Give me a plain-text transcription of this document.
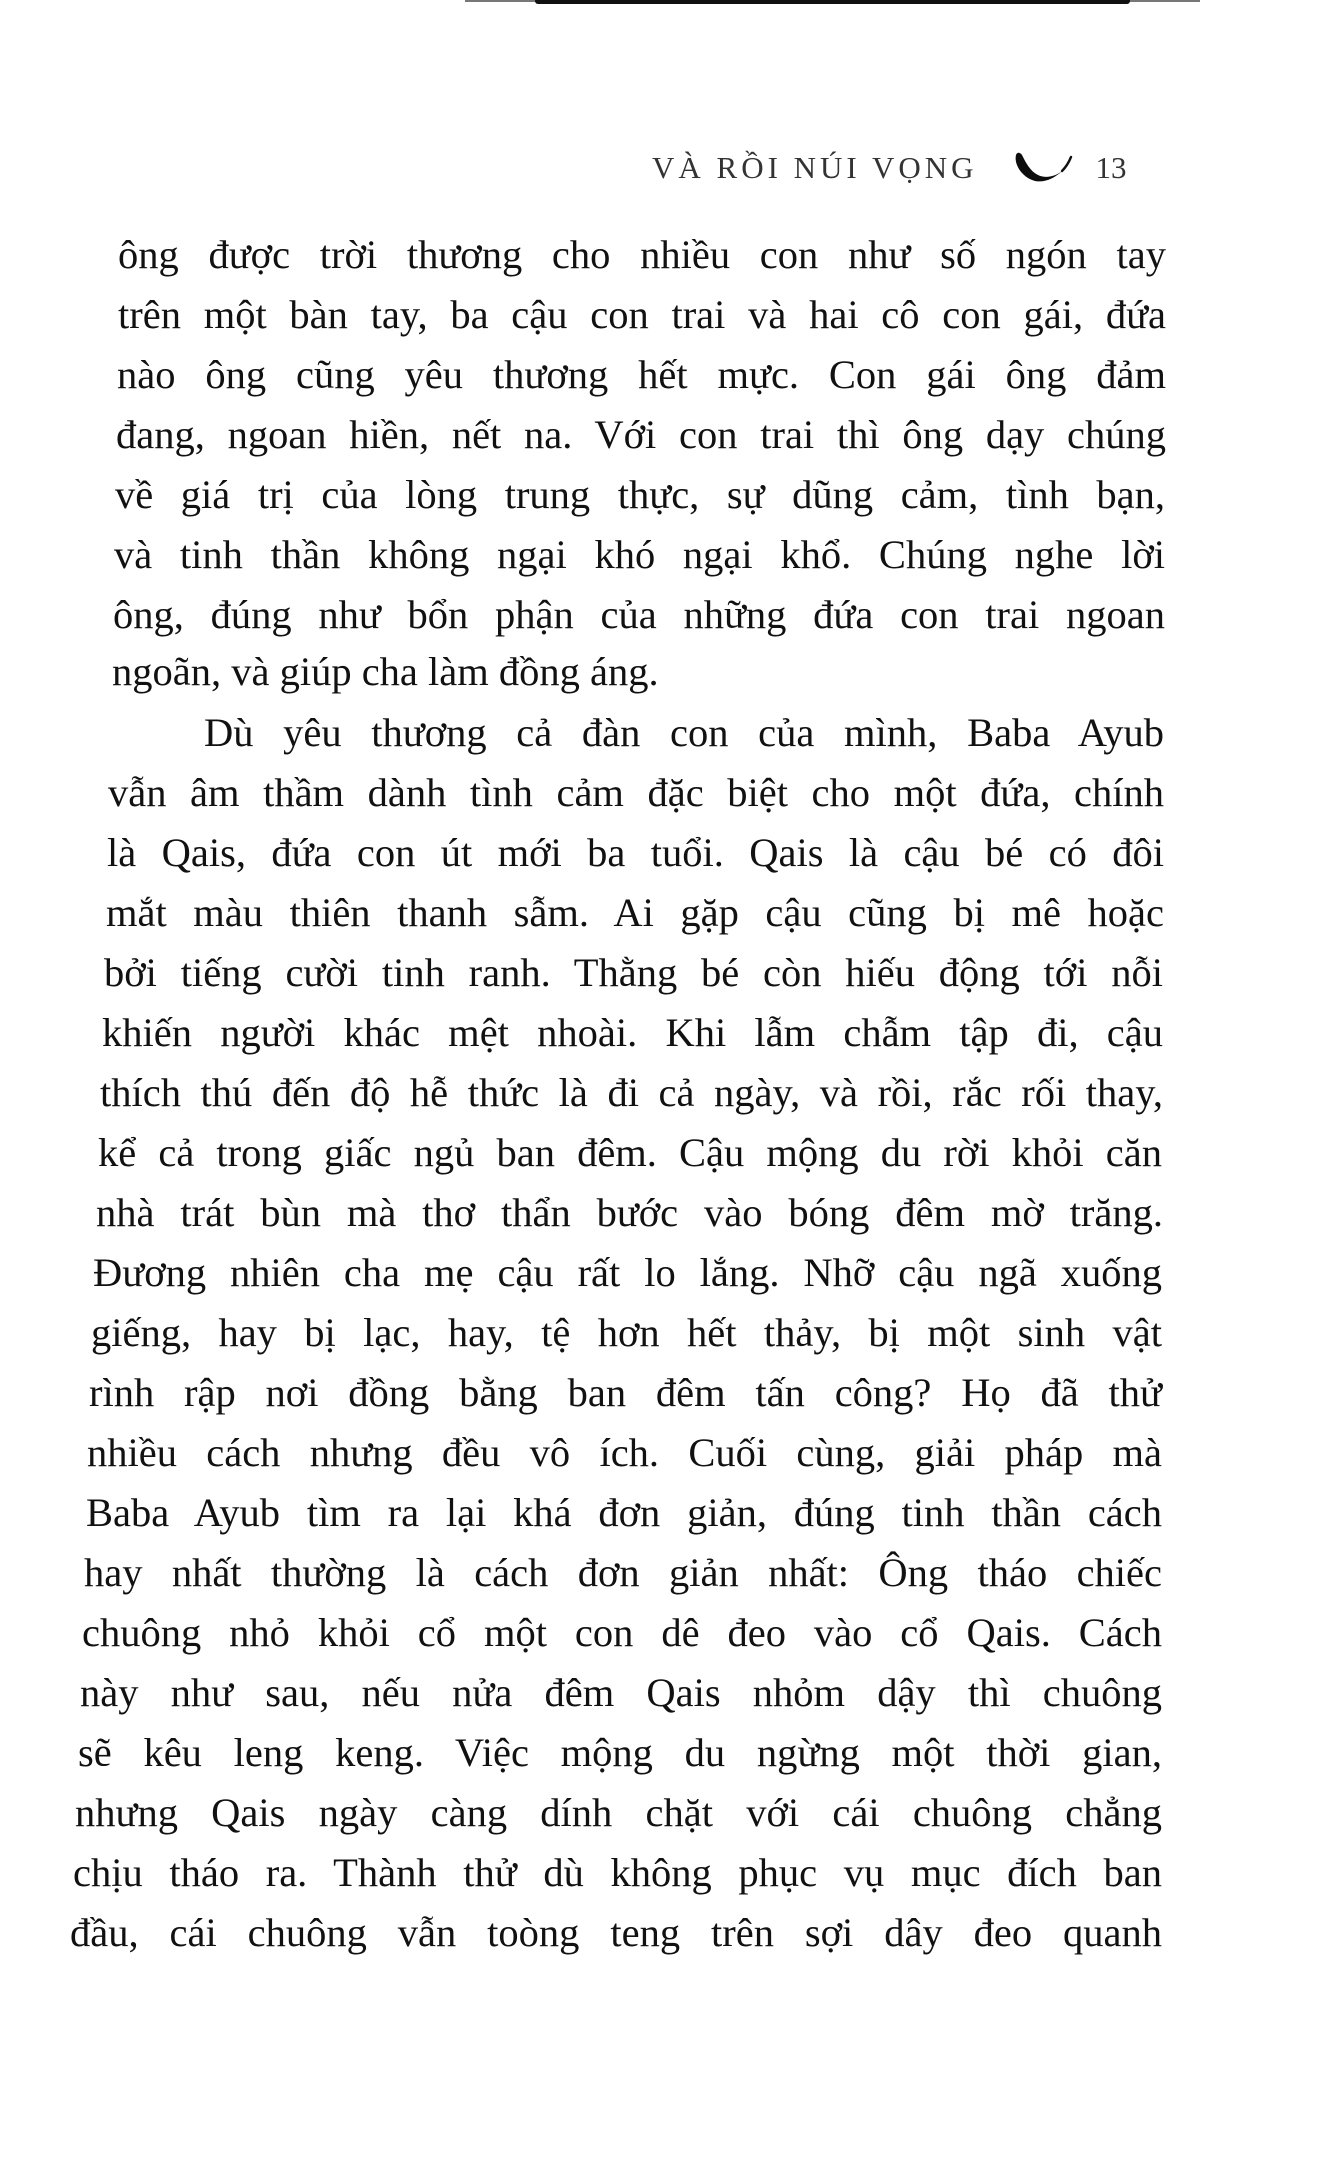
VÀ RỒI NÚI VỌNG	13
ông được trời thương cho nhiều con như số ngón tay
trên một bàn tay, ba cậu con trai và hai cô con gái, đứa
nào ông cũng yêu thương hết mực. Con gái ông đảm
đang, ngoan hiền, nết na. Với con trai thì ông dạy chúng
về giá trị của lòng trung thực, sự dũng cảm, tình bạn,
và tinh thần không ngại khó ngại khổ. Chúng nghe lời
ông, đúng như bổn phận của những đứa con trai ngoan
ngoãn, và giúp cha làm đồng áng.
Dù yêu thương cả đàn con của mình, Baba Ayub
vẫn âm thầm dành tình cảm đặc biệt cho một đứa, chính
là Qais, đứa con út mới ba tuổi. Qais là cậu bé có đôi
mắt màu thiên thanh sẫm. Ai gặp cậu cũng bị mê hoặc
bởi tiếng cười tinh ranh. Thằng bé còn hiếu động tới nỗi
khiến người khác mệt nhoài. Khi lẫm chẫm tập đi, cậu
thích thú đến độ hễ thức là đi cả ngày, và rồi, rắc rối thay,
kể cả trong giấc ngủ ban đêm. Cậu mộng du rời khỏi căn
nhà trát bùn mà thơ thẩn bước vào bóng đêm mờ trăng.
Đương nhiên cha mẹ cậu rất lo lắng. Nhỡ cậu ngã xuống
giếng, hay bị lạc, hay, tệ hơn hết thảy, bị một sinh vật
rình rập nơi đồng bằng ban đêm tấn công? Họ đã thử
nhiều cách nhưng đều vô ích. Cuối cùng, giải pháp mà
Baba Ayub tìm ra lại khá đơn giản, đúng tinh thần cách
hay nhất thường là cách đơn giản nhất: Ông tháo chiếc
chuông nhỏ khỏi cổ một con dê đeo vào cổ Qais. Cách
này như sau, nếu nửa đêm Qais nhỏm dậy thì chuông
sẽ kêu leng keng. Việc mộng du ngừng một thời gian,
nhưng Qais ngày càng dính chặt với cái chuông chẳng
chịu tháo ra. Thành thử dù không phục vụ mục đích ban
đầu, cái chuông vẫn toòng teng trên sợi dây đeo quanh
